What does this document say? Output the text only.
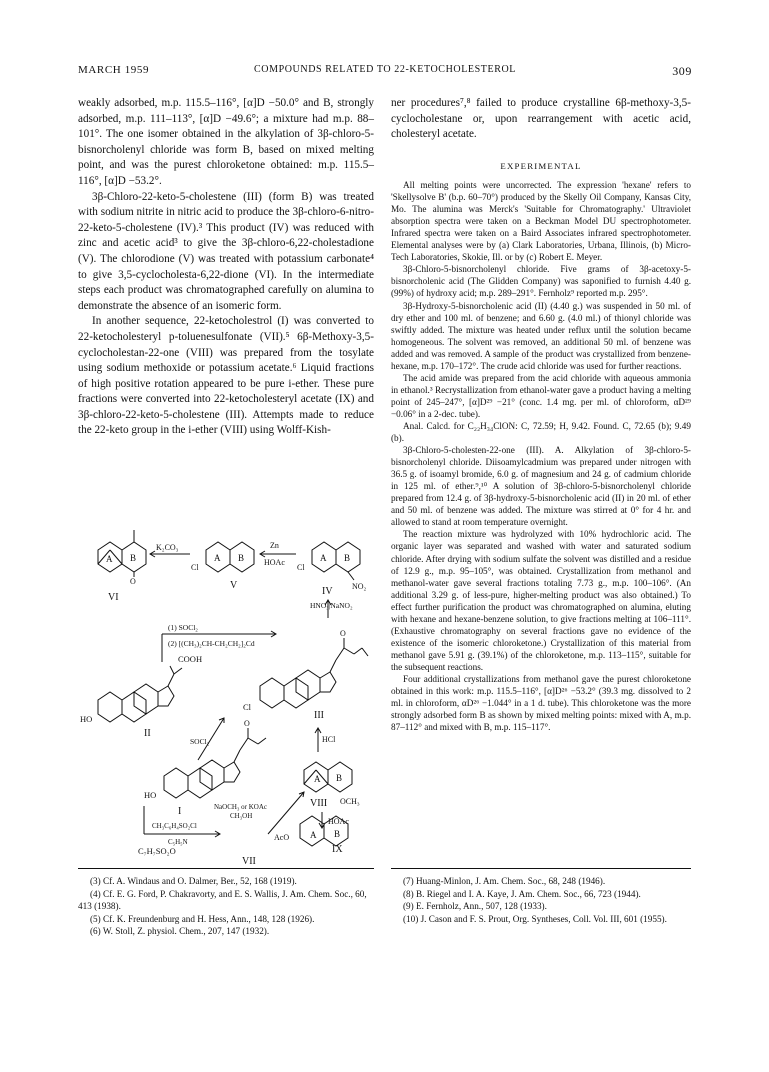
MARCH 1959	COMPOUNDS RELATED TO 22-KETOCHOLESTEROL	309

weakly adsorbed, m.p. 115.5–116°, [α]D −50.0° and B, strongly adsorbed, m.p. 111–113°, [α]D −49.6°; a mixture had m.p. 88–101°. The one isomer obtained in the alkylation of 3β-chloro-5-bisnorcholenyl chloride was form B, based on mixed melting point, and was the purest chloroketone obtained: m.p. 115.5–116°, [α]D −53.2°.

3β-Chloro-22-keto-5-cholestene (III) (form B) was treated with sodium nitrite in nitric acid to produce the 3β-chloro-6-nitro-22-keto-5-cholestene (IV).³ This product (IV) was reduced with zinc and acetic acid³ to give the 3β-chloro-6,22-cholestadione (V). The chlorodione (V) was treated with potassium carbonate⁴ to give 3,5-cyclocholesta-6,22-dione (VI). In the intermediate steps each product was chromatographed carefully on alumina to demonstrate the absence of an isomeric form.

In another sequence, 22-ketocholestrol (I) was converted to 22-ketocholesteryl p-toluenesulfonate (VII).⁵ 6β-Methoxy-3,5-cyclocholestan-22-one (VIII) was prepared from the tosylate using sodium methoxide or potassium acetate.⁶ Liquid fractions of high positive rotation appeared to be pure i-ether. These pure fractions were converted into 22-ketocholesteryl acetate (IX) and 3β-chloro-22-keto-5-cholestene (III). Attempts made to reduce the 22-keto group in the i-ether (VIII) using Wolff-Kish-

ner procedures⁷,⁸ failed to produce crystalline 6β-methoxy-3,5-cyclocholestane or, upon rearrangement with acetic acid, cholesteryl acetate.

EXPERIMENTAL

All melting points were uncorrected. The expression 'hexane' refers to 'Skellysolve B' (b.p. 60–70°) produced by the Skelly Oil Company, Kansas City, Mo. The alumina was Merck's 'Suitable for Chromatography.' Ultraviolet absorption spectra were taken on a Beckman Model DU spectrophotometer. Infrared spectra were taken on a Baird Associates infrared spectrophotometer. Elemental analyses were by (a) Clark Laboratories, Urbana, Illinois, (b) Micro-Tech Laboratories, Skokie, Ill. or by (c) Robert E. Meyer.

3β-Chloro-5-bisnorcholenyl chloride. Five grams of 3β-acetoxy-5-bisnorcholenic acid (The Glidden Company) was saponified to furnish 4.40 g. (99%) of hydroxy acid; m.p. 289–291°. Fernholz⁹ reported m.p. 295°.

3β-Hydroxy-5-bisnorcholenic acid (II) (4.40 g.) was suspended in 50 ml. of dry ether and 100 ml. of benzene; and 6.60 g. (4.0 ml.) of thionyl chloride was swiftly added. The mixture was heated under reflux until the solution became homogeneous. The solvent was removed, an additional 50 ml. of benzene was added and was removed. A sample of the product was crystallized from benzene-hexane, m.p. 170–172°. The crude acid chloride was used for further reactions.

The acid amide was prepared from the acid chloride with aqueous ammonia in ethanol.³ Recrystallization from ethanol-water gave a product having a melting point of 245–247°, [α]D²⁹ −21° (conc. 1.4 mg. per ml. of chloroform, αD²⁹ −0.06° in a 2-dec. tube).

Anal. Calcd. for C₂₂H₃₄ClON: C, 72.59; H, 9.42. Found. C, 72.65 (b); 9.49 (b).

3β-Chloro-5-cholesten-22-one (III). A. Alkylation of 3β-chloro-5-bisnorcholenyl chloride. Diisoamylcadmium was prepared under nitrogen with 36.5 g. of isoamyl bromide, 6.0 g. of magnesium and 24 g. of cadmium chloride in 125 ml. of ether.⁹,¹⁰ A solution of 3β-chloro-5-bisnorcholenyl chloride prepared from 12.4 g. of 3β-hydroxy-5-bisnorcholenic acid (II) in 20 ml. of ether and 50 ml. of benzene was added. The mixture was stirred at 0° for 4 hr. and allowed to stand at room temperature overnight.

The reaction mixture was hydrolyzed with 10% hydrochloric acid. The organic layer was separated and washed with water and saturated sodium chloride. After drying with sodium sulfate the solvent was distilled and a residue of 12.9 g., m.p. 95–105°, was obtained. Crystallization from methanol and methanol-water gave several fractions totaling 7.73 g., m.p. 100–106°. (An additional 3.29 g. of less-pure, higher-melting product was also obtained.) To effect further purification the product was chromatographed on alumina, eluting with hexane and hexane-benzene solution, to give fractions melting at 106–111°. (Exhaustive chromatography on several fractions gave no evidence of the existence of the isomeric chloroketone.) Crystallization of this material from methanol gave 5.91 g. (39.1%) of the chloroketone, m.p. 113–115°, suitable for the subsequent reactions.

Four additional crystallizations from methanol gave the purest chloroketone obtained in this work: m.p. 115.5–116°, [α]D²⁶ −53.2° (39.3 mg. dissolved to 2 ml. in chloroform, αD²⁶ −1.044° in a 1 d. tube). This chloroketone was the more strongly adsorbed form B as shown by mixed melting points: mixed with A, m.p. 87–112° and mixed with B, m.p. 115–117°.

A B
O
VI
K₂CO₃
A B
Cl
V
Zn
HOAc	A B
Cl
NO₂
IV
HNO₃|NaNO₂
(1) SOCl₂
(2) [(CH₃)₂CH-CH₂CH₂]₂Cd
COOH
HO
II
O
Cl
III
HCl
SOCl₂
A B
OCH₃
VIII
HOAc
O
HO
I	NaOCH₃ or KOAc
CH₃OH
CH₃C₆H₄SO₂Cl
C₅H₅N
A B
AcO
IX
C₇H₇SO₂O
VII

(3) Cf. A. Windaus and O. Dalmer, Ber., 52, 168 (1919).

(4) Cf. E. G. Ford, P. Chakravorty, and E. S. Wallis, J. Am. Chem. Soc., 60, 413 (1938).

(5) Cf. K. Freundenburg and H. Hess, Ann., 148, 128 (1926).

(6) W. Stoll, Z. physiol. Chem., 207, 147 (1932).

(7) Huang-Minlon, J. Am. Chem. Soc., 68, 248 (1946).

(8) B. Riegel and I. A. Kaye, J. Am. Chem. Soc., 66, 723 (1944).

(9) E. Fernholz, Ann., 507, 128 (1933).

(10) J. Cason and F. S. Prout, Org. Syntheses, Coll. Vol. III, 601 (1955).
